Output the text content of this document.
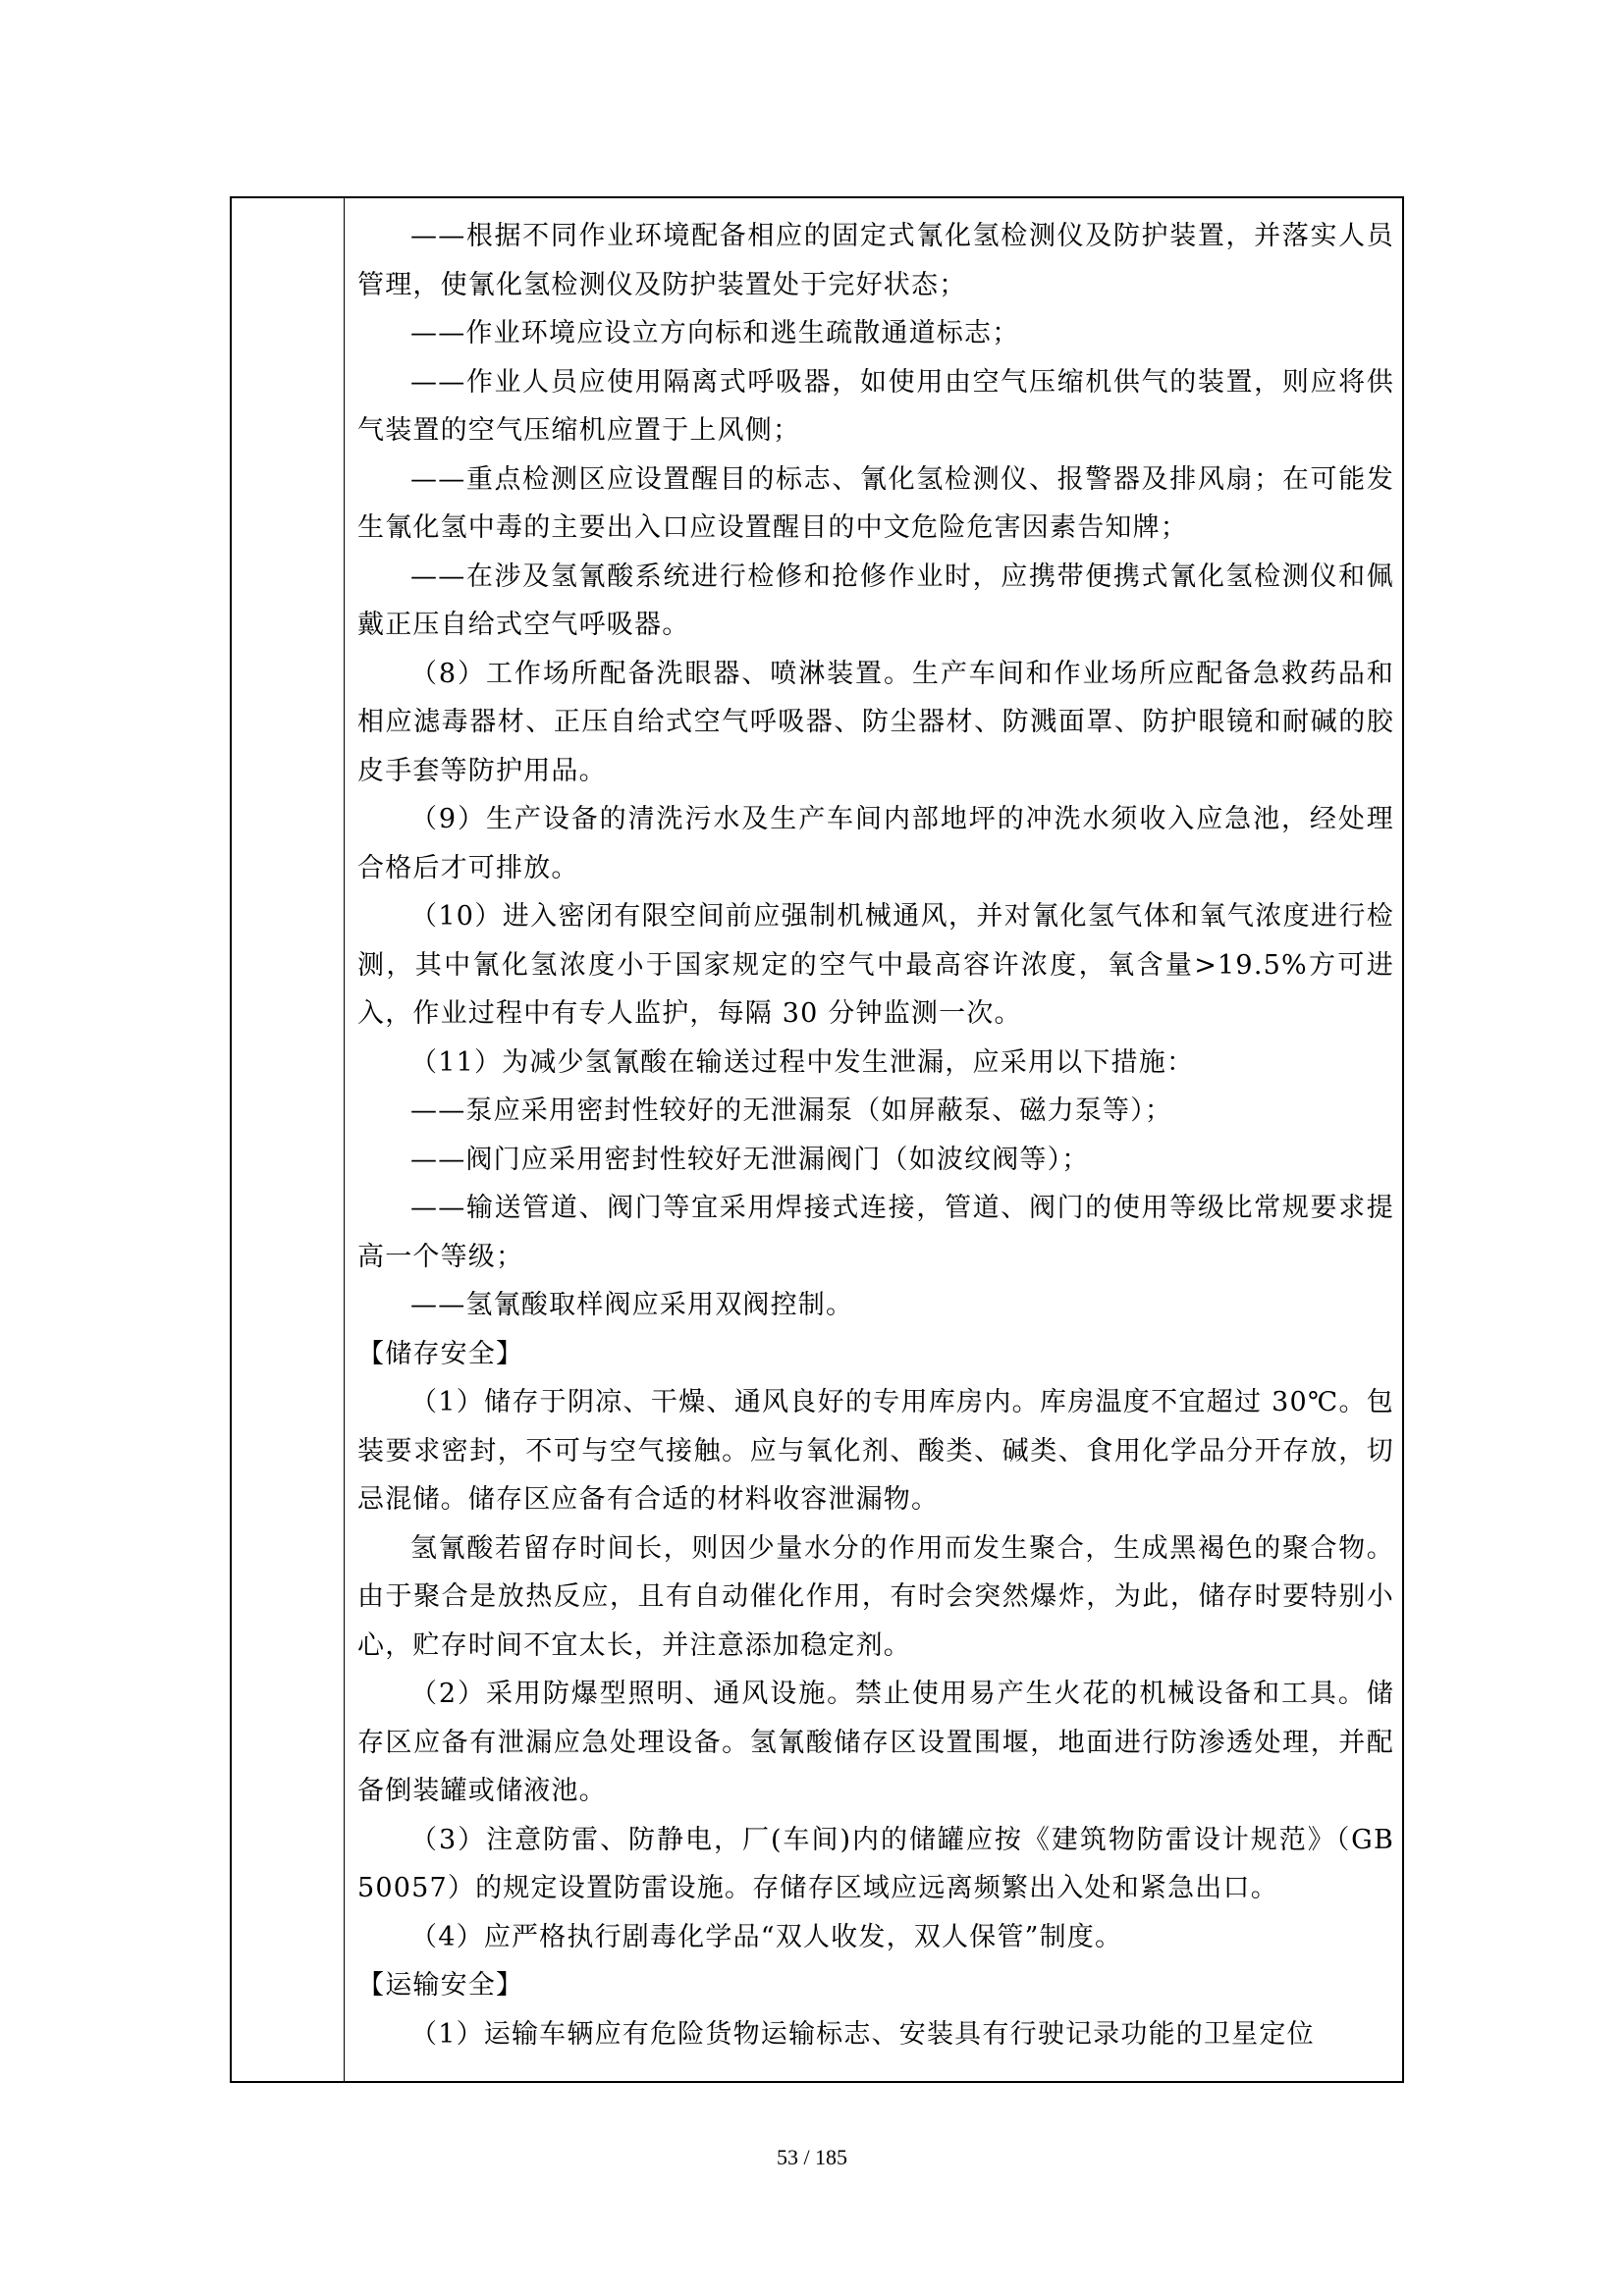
——根据不同作业环境配备相应的固定式氰化氢检测仪及防护装置，并落实人员管理，使氰化氢检测仪及防护装置处于完好状态；

——作业环境应设立方向标和逃生疏散通道标志；

——作业人员应使用隔离式呼吸器，如使用由空气压缩机供气的装置，则应将供气装置的空气压缩机应置于上风侧；

——重点检测区应设置醒目的标志、氰化氢检测仪、报警器及排风扇；在可能发生氰化氢中毒的主要出入口应设置醒目的中文危险危害因素告知牌；

——在涉及氢氰酸系统进行检修和抢修作业时，应携带便携式氰化氢检测仪和佩戴正压自给式空气呼吸器。

（8）工作场所配备洗眼器、喷淋装置。生产车间和作业场所应配备急救药品和相应滤毒器材、正压自给式空气呼吸器、防尘器材、防溅面罩、防护眼镜和耐碱的胶皮手套等防护用品。

（9）生产设备的清洗污水及生产车间内部地坪的冲洗水须收入应急池，经处理合格后才可排放。

（10）进入密闭有限空间前应强制机械通风，并对氰化氢气体和氧气浓度进行检测，其中氰化氢浓度小于国家规定的空气中最高容许浓度，氧含量>19.5%方可进入，作业过程中有专人监护，每隔 30 分钟监测一次。

（11）为减少氢氰酸在输送过程中发生泄漏，应采用以下措施：

——泵应采用密封性较好的无泄漏泵（如屏蔽泵、磁力泵等）；

——阀门应采用密封性较好无泄漏阀门（如波纹阀等）；

——输送管道、阀门等宜采用焊接式连接，管道、阀门的使用等级比常规要求提高一个等级；

——氢氰酸取样阀应采用双阀控制。

【储存安全】

（1）储存于阴凉、干燥、通风良好的专用库房内。库房温度不宜超过 30℃。包装要求密封，不可与空气接触。应与氧化剂、酸类、碱类、食用化学品分开存放，切忌混储。储存区应备有合适的材料收容泄漏物。

氢氰酸若留存时间长，则因少量水分的作用而发生聚合，生成黑褐色的聚合物。由于聚合是放热反应，且有自动催化作用，有时会突然爆炸，为此，储存时要特别小心，贮存时间不宜太长，并注意添加稳定剂。

（2）采用防爆型照明、通风设施。禁止使用易产生火花的机械设备和工具。储存区应备有泄漏应急处理设备。氢氰酸储存区设置围堰，地面进行防渗透处理，并配备倒装罐或储液池。

（3）注意防雷、防静电，厂(车间)内的储罐应按《建筑物防雷设计规范》（GB 50057）的规定设置防雷设施。存储存区域应远离频繁出入处和紧急出口。

（4）应严格执行剧毒化学品“双人收发，双人保管”制度。

【运输安全】

（1）运输车辆应有危险货物运输标志、安装具有行驶记录功能的卫星定位

53 / 185
